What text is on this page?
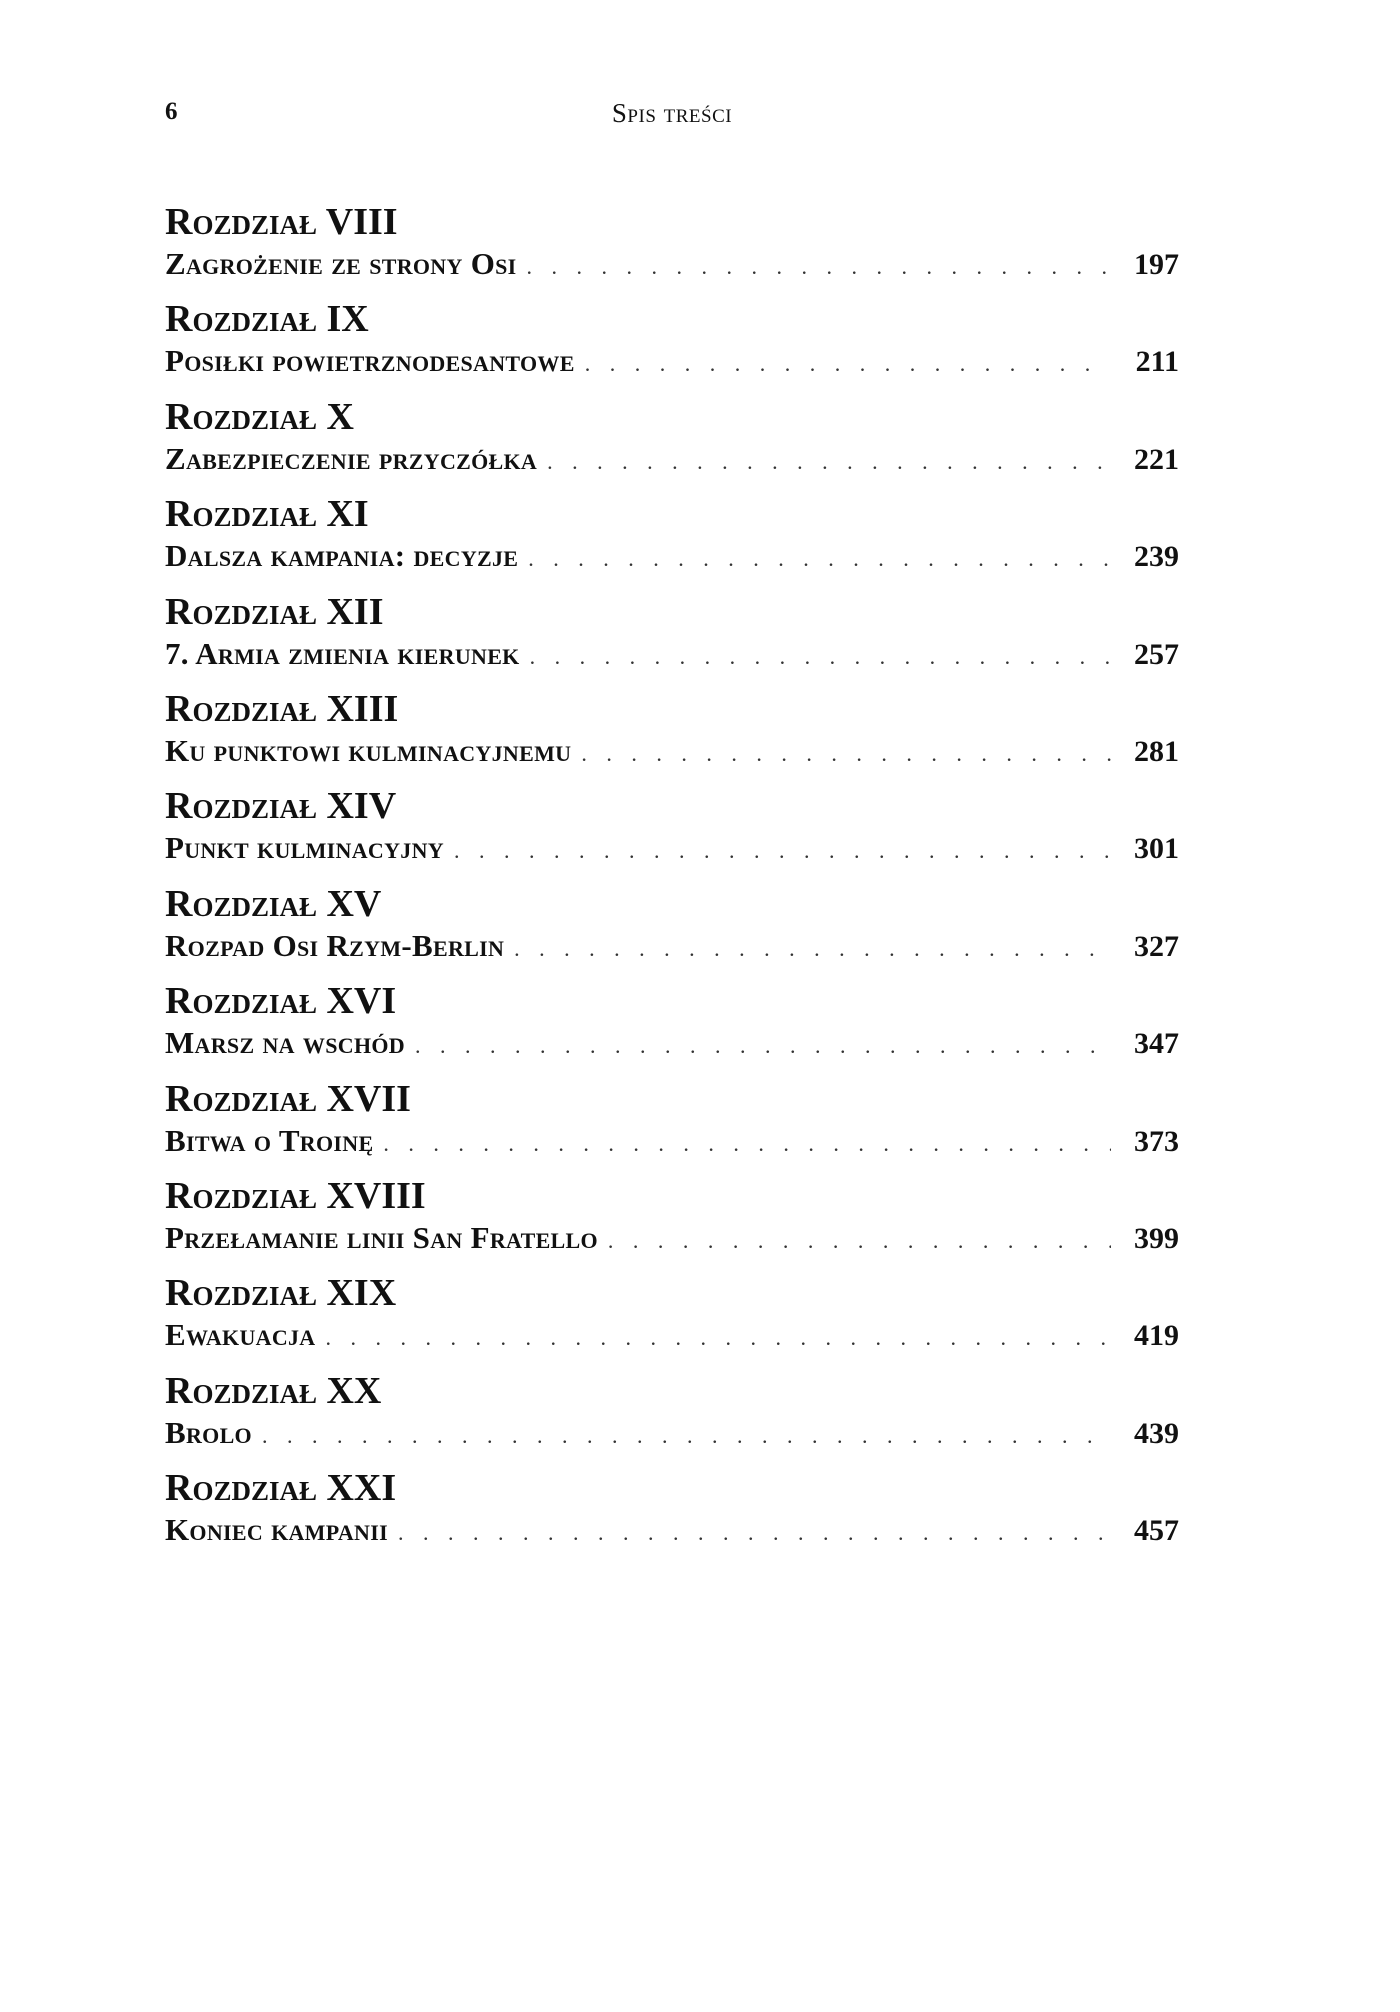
6	Spis treści
Rozdział VIII
Zagrożenie ze strony Osi . . .	197
Rozdział IX
Posiłki powietrznodesantowe . . .	211
Rozdział X
Zabezpieczenie przyczółka . . .	221
Rozdział XI
Dalsza kampania: decyzje . . .	239
Rozdział XII
7. Armia zmienia kierunek . . .	257
Rozdział XIII
Ku punktowi kulminacyjnemu . . .	281
Rozdział XIV
Punkt kulminacyjny . . .	301
Rozdział XV
Rozpad Osi Rzym-Berlin . . .	327
Rozdział XVI
Marsz na wschód . . .	347
Rozdział XVII
Bitwa o Troinę . . .	373
Rozdział XVIII
Przełamanie linii San Fratello . . .	399
Rozdział XIX
Ewakuacja . . .	419
Rozdział XX
Brolo . . .	439
Rozdział XXI
Koniec kampanii . . .	457
